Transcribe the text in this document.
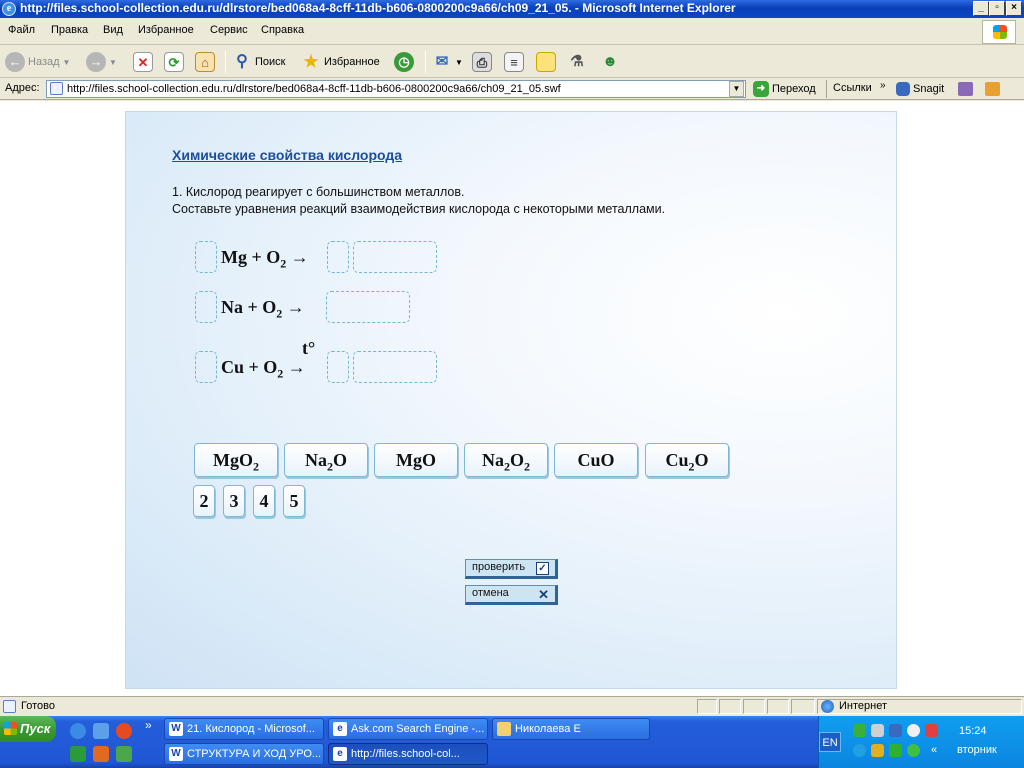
e http://files.school-collection.edu.ru/dlrstore/bed068a4-8cff-11db-b606-0800200c9a66/ch09_21_05. - Microsoft Internet Explorer	_	▫	×
Файл Правка Вид Избранное Сервис Справка
← Назад ▼ → ▼	✕	⟳	⌂	⚲ Поиск ★ Избранное	◷ ✉ ▼	⎙	≡	⚗ ☻
Адрес:	➜ Переход Ссылки » Snagit
http://files.school-collection.edu.ru/dlrstore/bed068a4-8cff-11db-b606-0800200c9a66/ch09_21_05.swf	▼
Химические свойства кислорода
1. Кислород реагирует с большинством металлов.
Составьте уравнения реакций взаимодействия кислорода с некоторыми металлами.
$Mg + O_2$ →
$Na + O_2$ →
t°
$Cu + O_2$ →
MgO$_2$	$Na_2O$	MgO	$Na_2O_2$	CuO	$Cu_2O$
2	3	4	5
проверить ✓
отмена ✕
Готово	Интернет
Пуск	» W 21. Кислород - Microsof...	e Ask.com Search Engine -...	Николаева Е
W СТРУКТУРА И ХОД УРО...	e http://files.school-col...
EN
«
15:24
вторник
